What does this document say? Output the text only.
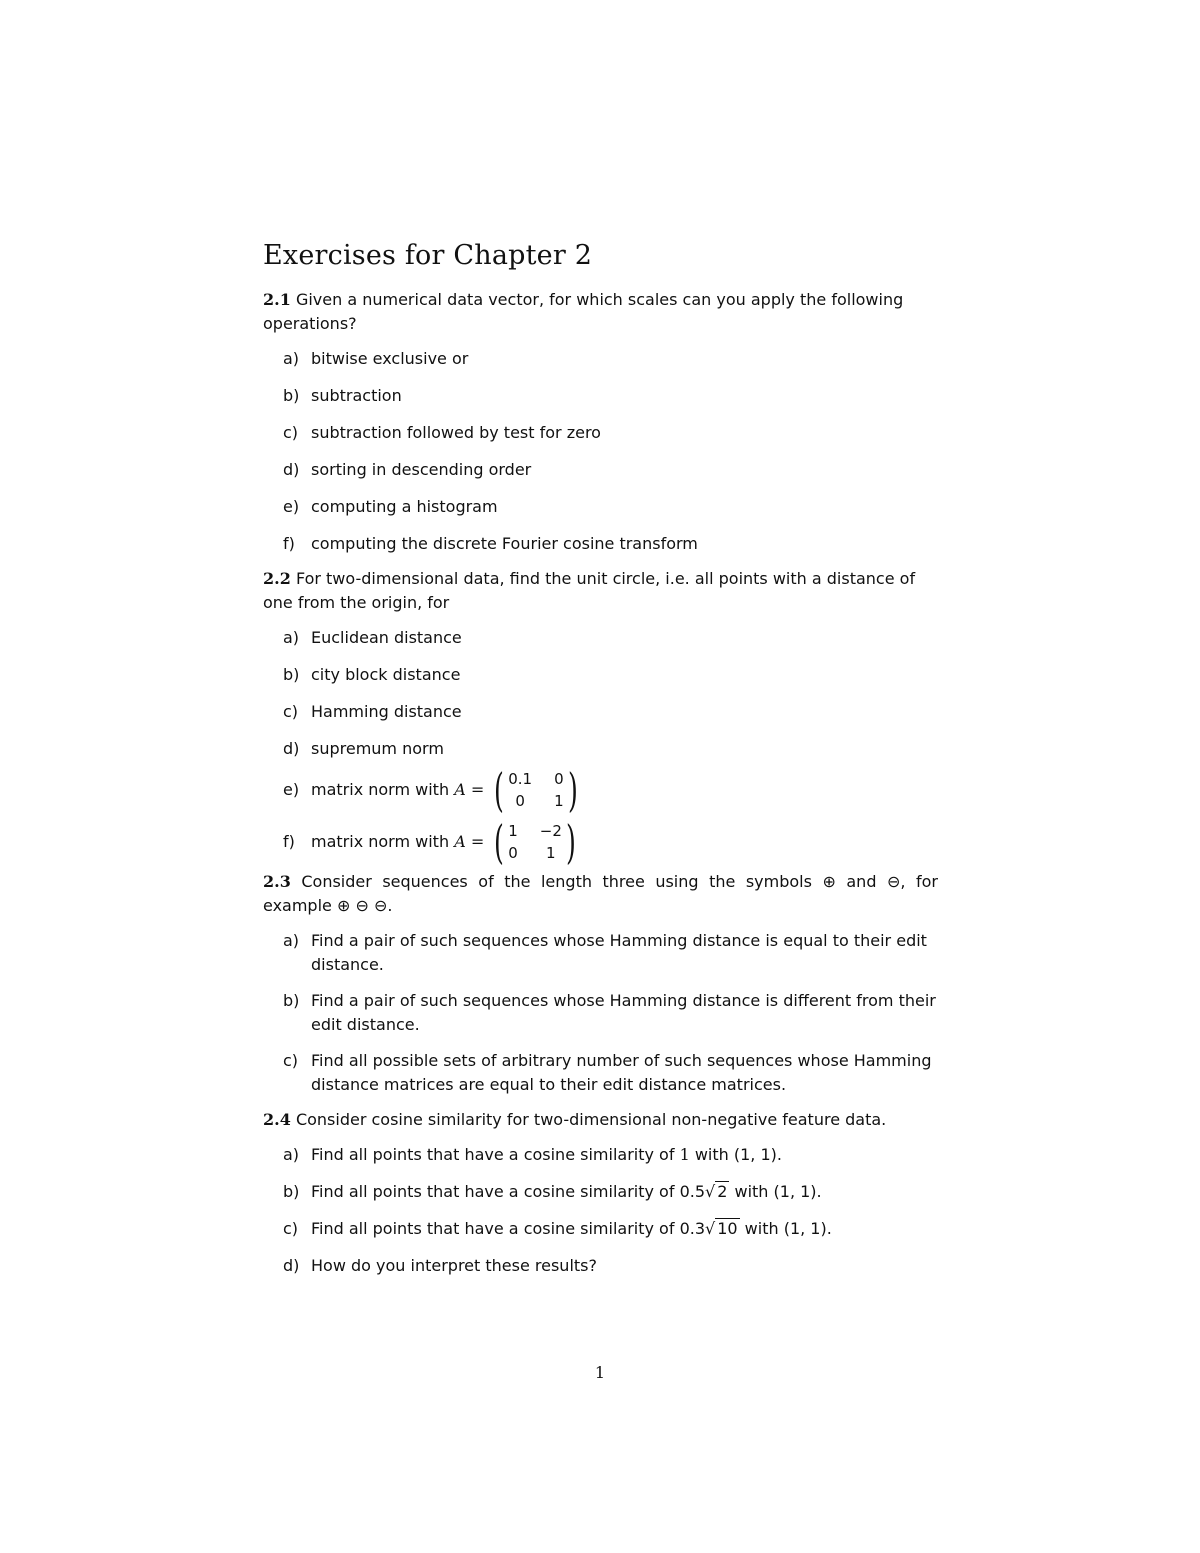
Exercises for Chapter 2

2.1 Given a numerical data vector, for which scales can you apply the following operations?

a) bitwise exclusive or
b) subtraction
c) subtraction followed by test for zero
d) sorting in descending order
e) computing a histogram
f) computing the discrete Fourier cosine transform

2.2 For two-dimensional data, find the unit circle, i.e. all points with a distance of one from the origin, for

a) Euclidean distance
b) city block distance
c) Hamming distance
d) supremum norm
e) matrix norm with
A
= ( 0.1 0
0	1 )
f) matrix norm with
A
= ( 1 −2
0	1 )

2.3 Consider sequences of the length three using the symbols ⊕ and ⊖, for example ⊕ ⊖ ⊖.

a) Find a pair of such sequences whose Hamming distance is equal to their edit distance.
b) Find a pair of such sequences whose Hamming distance is different from their edit distance.
c) Find all possible sets of arbitrary number of such sequences whose Hamming distance matrices are equal to their edit distance matrices.

2.4 Consider cosine similarity for two-dimensional non-negative feature data.

a) Find all points that have a cosine similarity of 1 with (1, 1).
b) Find all points that have a cosine similarity of 0.5√ 2 with (1, 1).
c) Find all points that have a cosine similarity of 0.3√ 10 with (1, 1).
d) How do you interpret these results?
1
